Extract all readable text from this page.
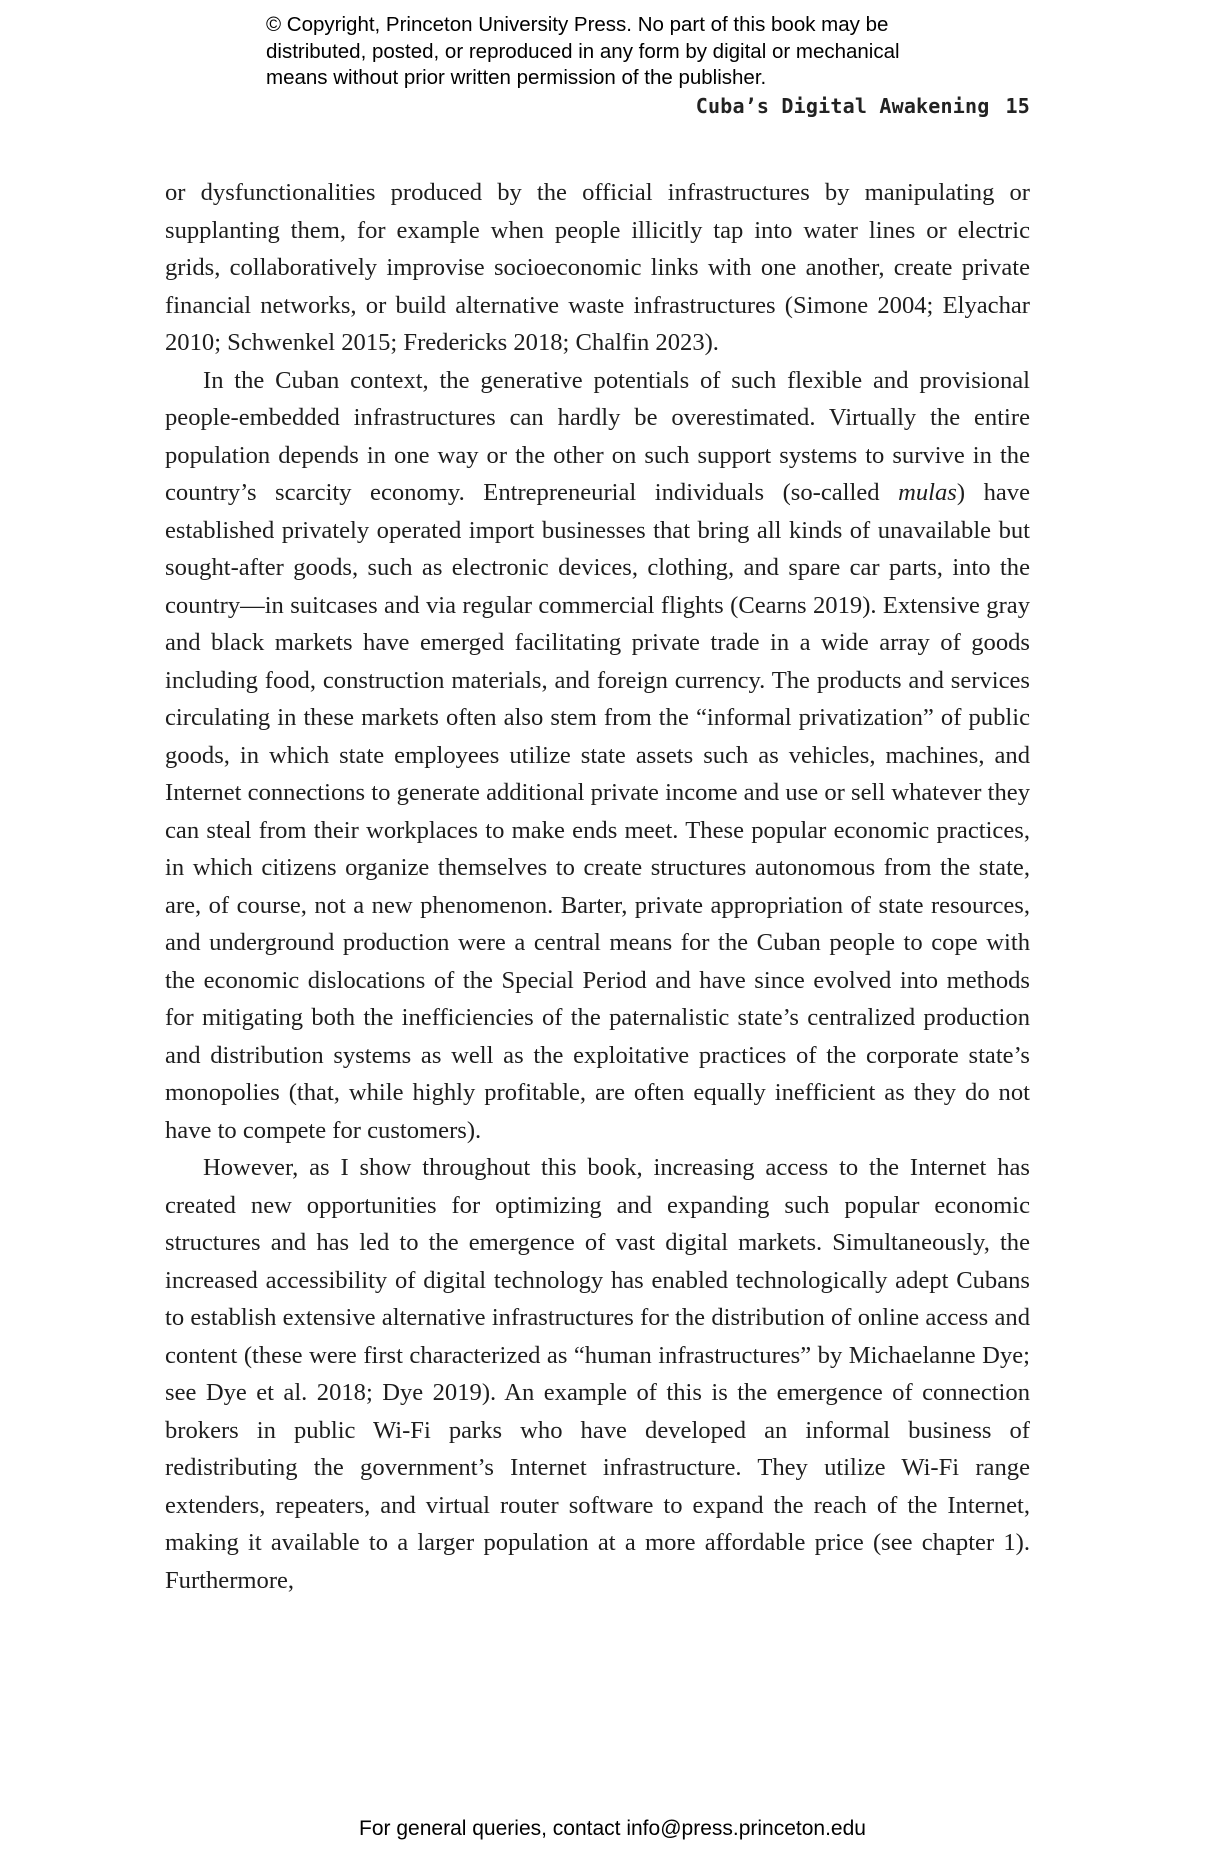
© Copyright, Princeton University Press. No part of this book may be
distributed, posted, or reproduced in any form by digital or mechanical
means without prior written permission of the publisher.
Cuba’s Digital Awakening 15

or dysfunctionalities produced by the official infrastructures by manipulating or supplanting them, for example when people illicitly tap into water lines or electric grids, collaboratively improvise socioeconomic links with one another, create private financial networks, or build alternative waste infrastructures (Simone 2004; Elyachar 2010; Schwenkel 2015; Fredericks 2018; Chalfin 2023).

In the Cuban context, the generative potentials of such flexible and provisional people-embedded infrastructures can hardly be overestimated. Virtually the entire population depends in one way or the other on such support systems to survive in the country’s scarcity economy. Entrepreneurial individuals (so-called mulas) have established privately operated import businesses that bring all kinds of unavailable but sought-after goods, such as electronic devices, clothing, and spare car parts, into the country—in suitcases and via regular commercial flights (Cearns 2019). Extensive gray and black markets have emerged facilitating private trade in a wide array of goods including food, construction materials, and foreign currency. The products and services circulating in these markets often also stem from the “informal privatization” of public goods, in which state employees utilize state assets such as vehicles, machines, and Internet connections to generate additional private income and use or sell whatever they can steal from their workplaces to make ends meet. These popular economic practices, in which citizens organize themselves to create structures autonomous from the state, are, of course, not a new phenomenon. Barter, private appropriation of state resources, and underground production were a central means for the Cuban people to cope with the economic dislocations of the Special Period and have since evolved into methods for mitigating both the inefficiencies of the paternalistic state’s centralized production and distribution systems as well as the exploitative practices of the corporate state’s monopolies (that, while highly profitable, are often equally inefficient as they do not have to compete for customers).

However, as I show throughout this book, increasing access to the Internet has created new opportunities for optimizing and expanding such popular economic structures and has led to the emergence of vast digital markets. Simultaneously, the increased accessibility of digital technology has enabled technologically adept Cubans to establish extensive alternative infrastructures for the distribution of online access and content (these were first characterized as “human infrastructures” by Michaelanne Dye; see Dye et al. 2018; Dye 2019). An example of this is the emergence of connection brokers in public Wi-Fi parks who have developed an informal business of redistributing the government’s Internet infrastructure. They utilize Wi-Fi range extenders, repeaters, and virtual router software to expand the reach of the Internet, making it available to a larger population at a more affordable price (see chapter 1). Furthermore,

For general queries, contact info@press.princeton.edu
